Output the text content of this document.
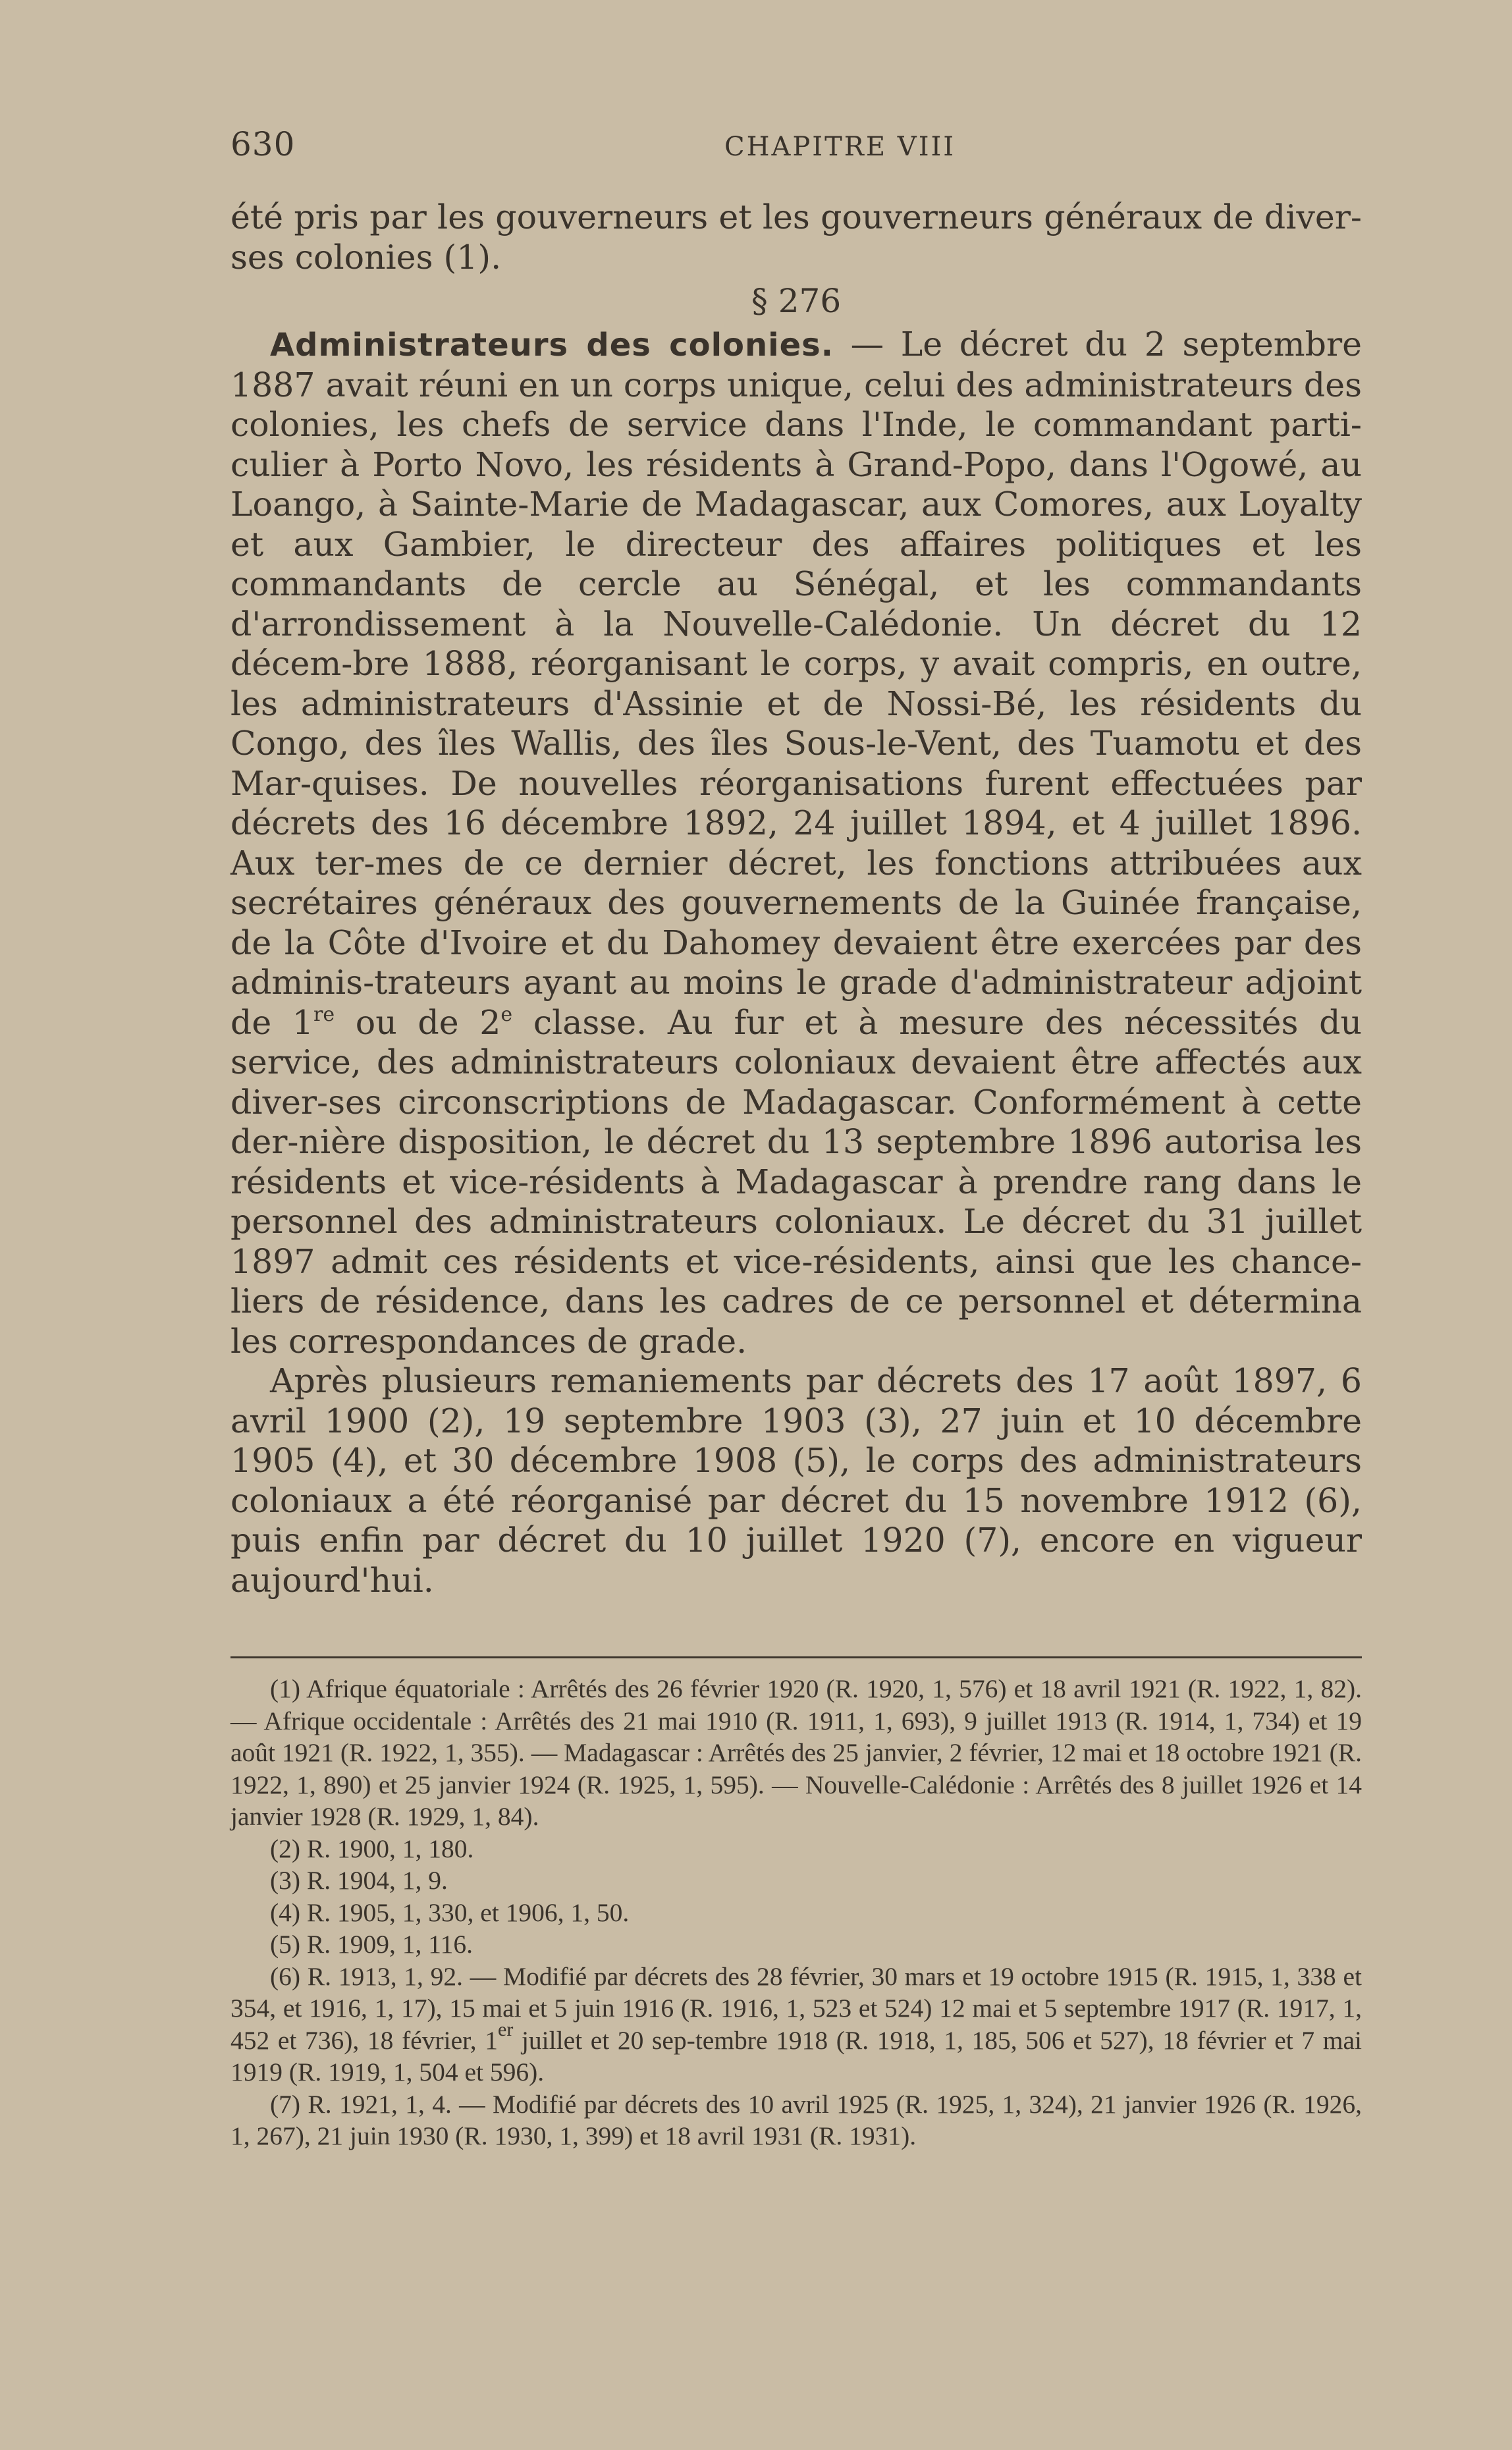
630	CHAPITRE VIII

été pris par les gouverneurs et les gouverneurs généraux de diver-ses colonies (1).

§ 276

Administrateurs des colonies. — Le décret du 2 septembre 1887 avait réuni en un corps unique, celui des administrateurs des colonies, les chefs de service dans l'Inde, le commandant parti-culier à Porto Novo, les résidents à Grand-Popo, dans l'Ogowé, au Loango, à Sainte-Marie de Madagascar, aux Comores, aux Loyalty et aux Gambier, le directeur des affaires politiques et les commandants de cercle au Sénégal, et les commandants d'arrondissement à la Nouvelle-Calédonie. Un décret du 12 décem-bre 1888, réorganisant le corps, y avait compris, en outre, les administrateurs d'Assinie et de Nossi-Bé, les résidents du Congo, des îles Wallis, des îles Sous-le-Vent, des Tuamotu et des Mar-quises. De nouvelles réorganisations furent effectuées par décrets des 16 décembre 1892, 24 juillet 1894, et 4 juillet 1896. Aux ter-mes de ce dernier décret, les fonctions attribuées aux secrétaires généraux des gouvernements de la Guinée française, de la Côte d'Ivoire et du Dahomey devaient être exercées par des adminis-trateurs ayant au moins le grade d'administrateur adjoint de 1re ou de 2e classe. Au fur et à mesure des nécessités du service, des administrateurs coloniaux devaient être affectés aux diver-ses circonscriptions de Madagascar. Conformément à cette der-nière disposition, le décret du 13 septembre 1896 autorisa les résidents et vice-résidents à Madagascar à prendre rang dans le personnel des administrateurs coloniaux. Le décret du 31 juillet 1897 admit ces résidents et vice-résidents, ainsi que les chance-liers de résidence, dans les cadres de ce personnel et détermina les correspondances de grade.

Après plusieurs remaniements par décrets des 17 août 1897, 6 avril 1900 (2), 19 septembre 1903 (3), 27 juin et 10 décembre 1905 (4), et 30 décembre 1908 (5), le corps des administrateurs coloniaux a été réorganisé par décret du 15 novembre 1912 (6), puis enfin par décret du 10 juillet 1920 (7), encore en vigueur aujourd'hui.

(1) Afrique équatoriale : Arrêtés des 26 février 1920 (R. 1920, 1, 576) et 18 avril 1921 (R. 1922, 1, 82). — Afrique occidentale : Arrêtés des 21 mai 1910 (R. 1911, 1, 693), 9 juillet 1913 (R. 1914, 1, 734) et 19 août 1921 (R. 1922, 1, 355). — Madagascar : Arrêtés des 25 janvier, 2 février, 12 mai et 18 octobre 1921 (R. 1922, 1, 890) et 25 janvier 1924 (R. 1925, 1, 595). — Nouvelle-Calédonie : Arrêtés des 8 juillet 1926 et 14 janvier 1928 (R. 1929, 1, 84).

(2) R. 1900, 1, 180.

(3) R. 1904, 1, 9.

(4) R. 1905, 1, 330, et 1906, 1, 50.

(5) R. 1909, 1, 116.

(6) R. 1913, 1, 92. — Modifié par décrets des 28 février, 30 mars et 19 octobre 1915 (R. 1915, 1, 338 et 354, et 1916, 1, 17), 15 mai et 5 juin 1916 (R. 1916, 1, 523 et 524) 12 mai et 5 septembre 1917 (R. 1917, 1, 452 et 736), 18 février, 1er juillet et 20 sep-tembre 1918 (R. 1918, 1, 185, 506 et 527), 18 février et 7 mai 1919 (R. 1919, 1, 504 et 596).

(7) R. 1921, 1, 4. — Modifié par décrets des 10 avril 1925 (R. 1925, 1, 324), 21 janvier 1926 (R. 1926, 1, 267), 21 juin 1930 (R. 1930, 1, 399) et 18 avril 1931 (R. 1931).
